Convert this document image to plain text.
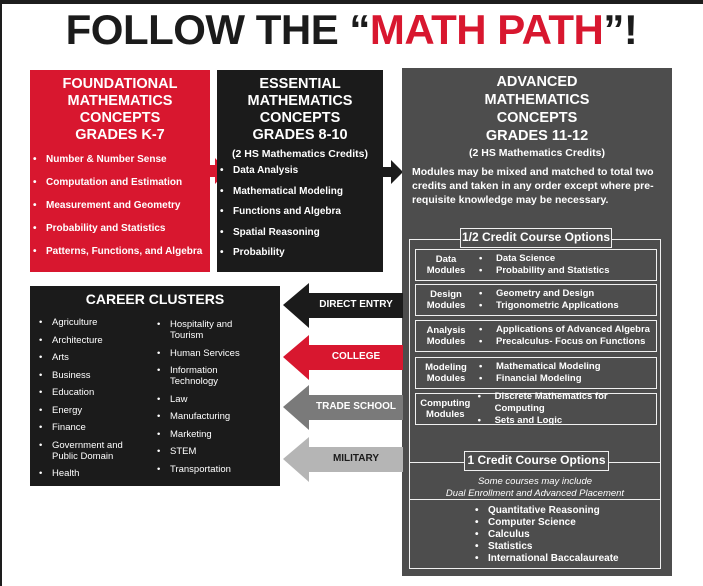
FOLLOW THE “MATH PATH”!
FOUNDATIONAL
MATHEMATICS
CONCEPTS
GRADES K-7
• Number & Number Sense
• Computation and Estimation
• Measurement and Geometry
• Probability and Statistics
• Patterns, Functions, and Algebra
ESSENTIAL
MATHEMATICS
CONCEPTS
GRADES 8-10
(2 HS Mathematics Credits)
• Data Analysis
• Mathematical Modeling
• Functions and Algebra
• Spatial Reasoning
• Probability
ADVANCED
MATHEMATICS
CONCEPTS
GRADES 11-12
(2 HS Mathematics Credits)
Modules may be mixed and matched to total two credits and taken in any order except where pre-requisite knowledge may be necessary.
1/2 Credit Course Options
Data
Modules
• Data Science
• Probability and Statistics
Design
Modules
• Geometry and Design
• Trigonometric Applications
Analysis
Modules
• Applications of Advanced Algebra
• Precalculus- Focus on Functions
Modeling
Modules
• Mathematical Modeling
• Financial Modeling
Computing
Modules
• Discrete Mathematics for Computing
• Sets and Logic
1 Credit Course Options
Some courses may include
Dual Enrollment and Advanced Placement
• Quantitative Reasoning
• Computer Science
• Calculus
• Statistics
• International Baccalaureate
CAREER CLUSTERS
• Agriculture
• Architecture
• Arts
• Business
• Education
• Energy
• Finance
• Government and Public Domain
• Health
• Hospitality and Tourism
• Human Services
• Information Technology
• Law
• Manufacturing
• Marketing
• STEM
• Transportation
DIRECT ENTRY
COLLEGE
TRADE SCHOOL
MILITARY
